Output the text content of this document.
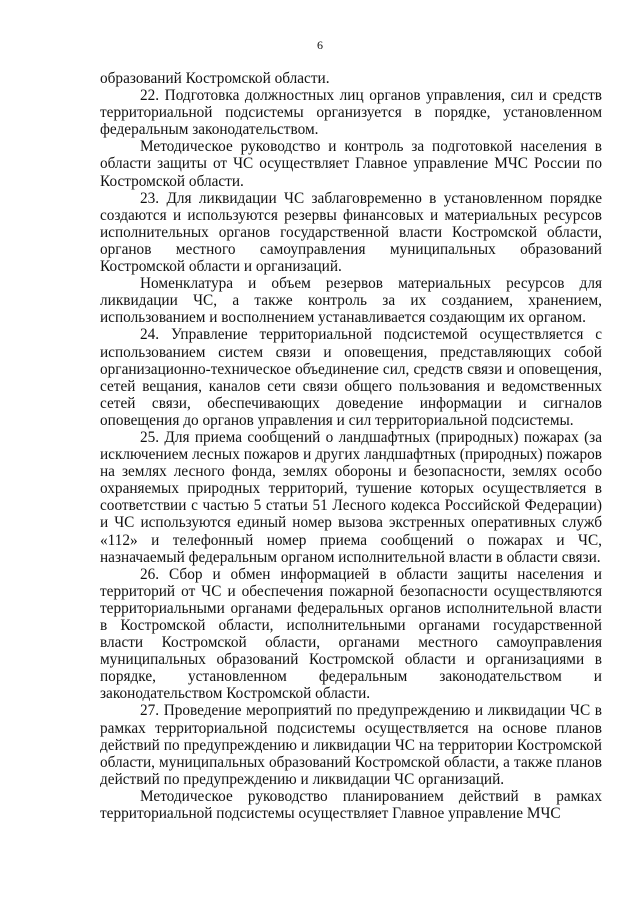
6

образований Костромской области.

22. Подготовка должностных лиц органов управления, сил и средств территориальной подсистемы организуется в порядке, установленном федеральным законодательством.

Методическое руководство и контроль за подготовкой населения в области защиты от ЧС осуществляет Главное управление МЧС России по Костромской области.

23. Для ликвидации ЧС заблаговременно в установленном порядке создаются и используются резервы финансовых и материальных ресурсов исполнительных органов государственной власти Костромской области, органов местного самоуправления муниципальных образований Костромской области и организаций.

Номенклатура и объем резервов материальных ресурсов для ликвидации ЧС, а также контроль за их созданием, хранением, использованием и восполнением устанавливается создающим их органом.

24. Управление территориальной подсистемой осуществляется с использованием систем связи и оповещения, представляющих собой организационно-техническое объединение сил, средств связи и оповещения, сетей вещания, каналов сети связи общего пользования и ведомственных сетей связи, обеспечивающих доведение информации и сигналов оповещения до органов управления и сил территориальной подсистемы.

25. Для приема сообщений о ландшафтных (природных) пожарах (за исключением лесных пожаров и других ландшафтных (природных) пожаров на землях лесного фонда, землях обороны и безопасности, землях особо охраняемых природных территорий, тушение которых осуществляется в соответствии с частью 5 статьи 51 Лесного кодекса Российской Федерации) и ЧС используются единый номер вызова экстренных оперативных служб «112» и телефонный номер приема сообщений о пожарах и ЧС, назначаемый федеральным органом исполнительной власти в области связи.

26. Сбор и обмен информацией в области защиты населения и территорий от ЧС и обеспечения пожарной безопасности осуществляются территориальными органами федеральных органов исполнительной власти в Костромской области, исполнительными органами государственной власти Костромской области, органами местного самоуправления муниципальных образований Костромской области и организациями в порядке, установленном федеральным законодательством и законодательством Костромской области.

27. Проведение мероприятий по предупреждению и ликвидации ЧС в рамках территориальной подсистемы осуществляется на основе планов действий по предупреждению и ликвидации ЧС на территории Костромской области, муниципальных образований Костромской области, а также планов действий по предупреждению и ликвидации ЧС организаций.

Методическое руководство планированием действий в рамках территориальной подсистемы осуществляет Главное управление МЧС
